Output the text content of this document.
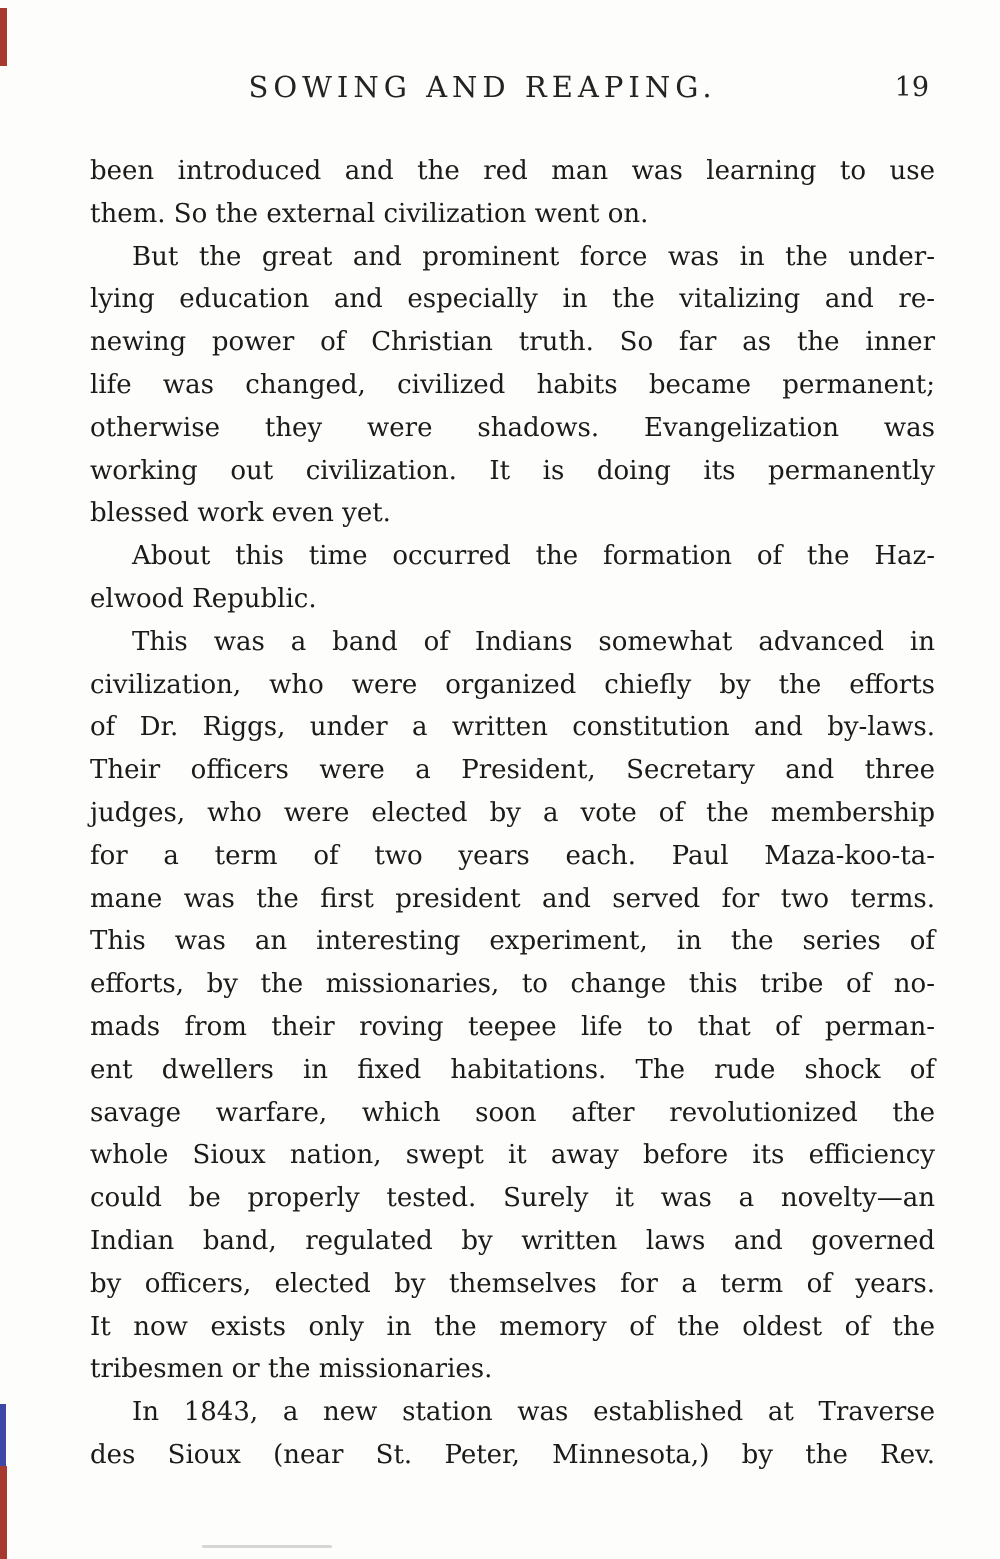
SOWING AND REAPING.	19
been introduced and the red man was learning to use
them. So the external civilization went on.
But the great and prominent force was in the under-
lying education and especially in the vitalizing and re-
newing power of Christian truth. So far as the inner
life was changed, civilized habits became permanent;
otherwise they were shadows. Evangelization was
working out civilization. It is doing its permanently
blessed work even yet.
About this time occurred the formation of the Haz-
elwood Republic.
This was a band of Indians somewhat advanced in
civilization, who were organized chiefly by the efforts
of Dr. Riggs, under a written constitution and by-laws.
Their officers were a President, Secretary and three
judges, who were elected by a vote of the membership
for a term of two years each. Paul Maza-koo-ta-
mane was the first president and served for two terms.
This was an interesting experiment, in the series of
efforts, by the missionaries, to change this tribe of no-
mads from their roving teepee life to that of perman-
ent dwellers in fixed habitations. The rude shock of
savage warfare, which soon after revolutionized the
whole Sioux nation, swept it away before its efficiency
could be properly tested. Surely it was a novelty—an
Indian band, regulated by written laws and governed
by officers, elected by themselves for a term of years.
It now exists only in the memory of the oldest of the
tribesmen or the missionaries.
In 1843, a new station was established at Traverse
des Sioux (near St. Peter, Minnesota,) by the Rev.
